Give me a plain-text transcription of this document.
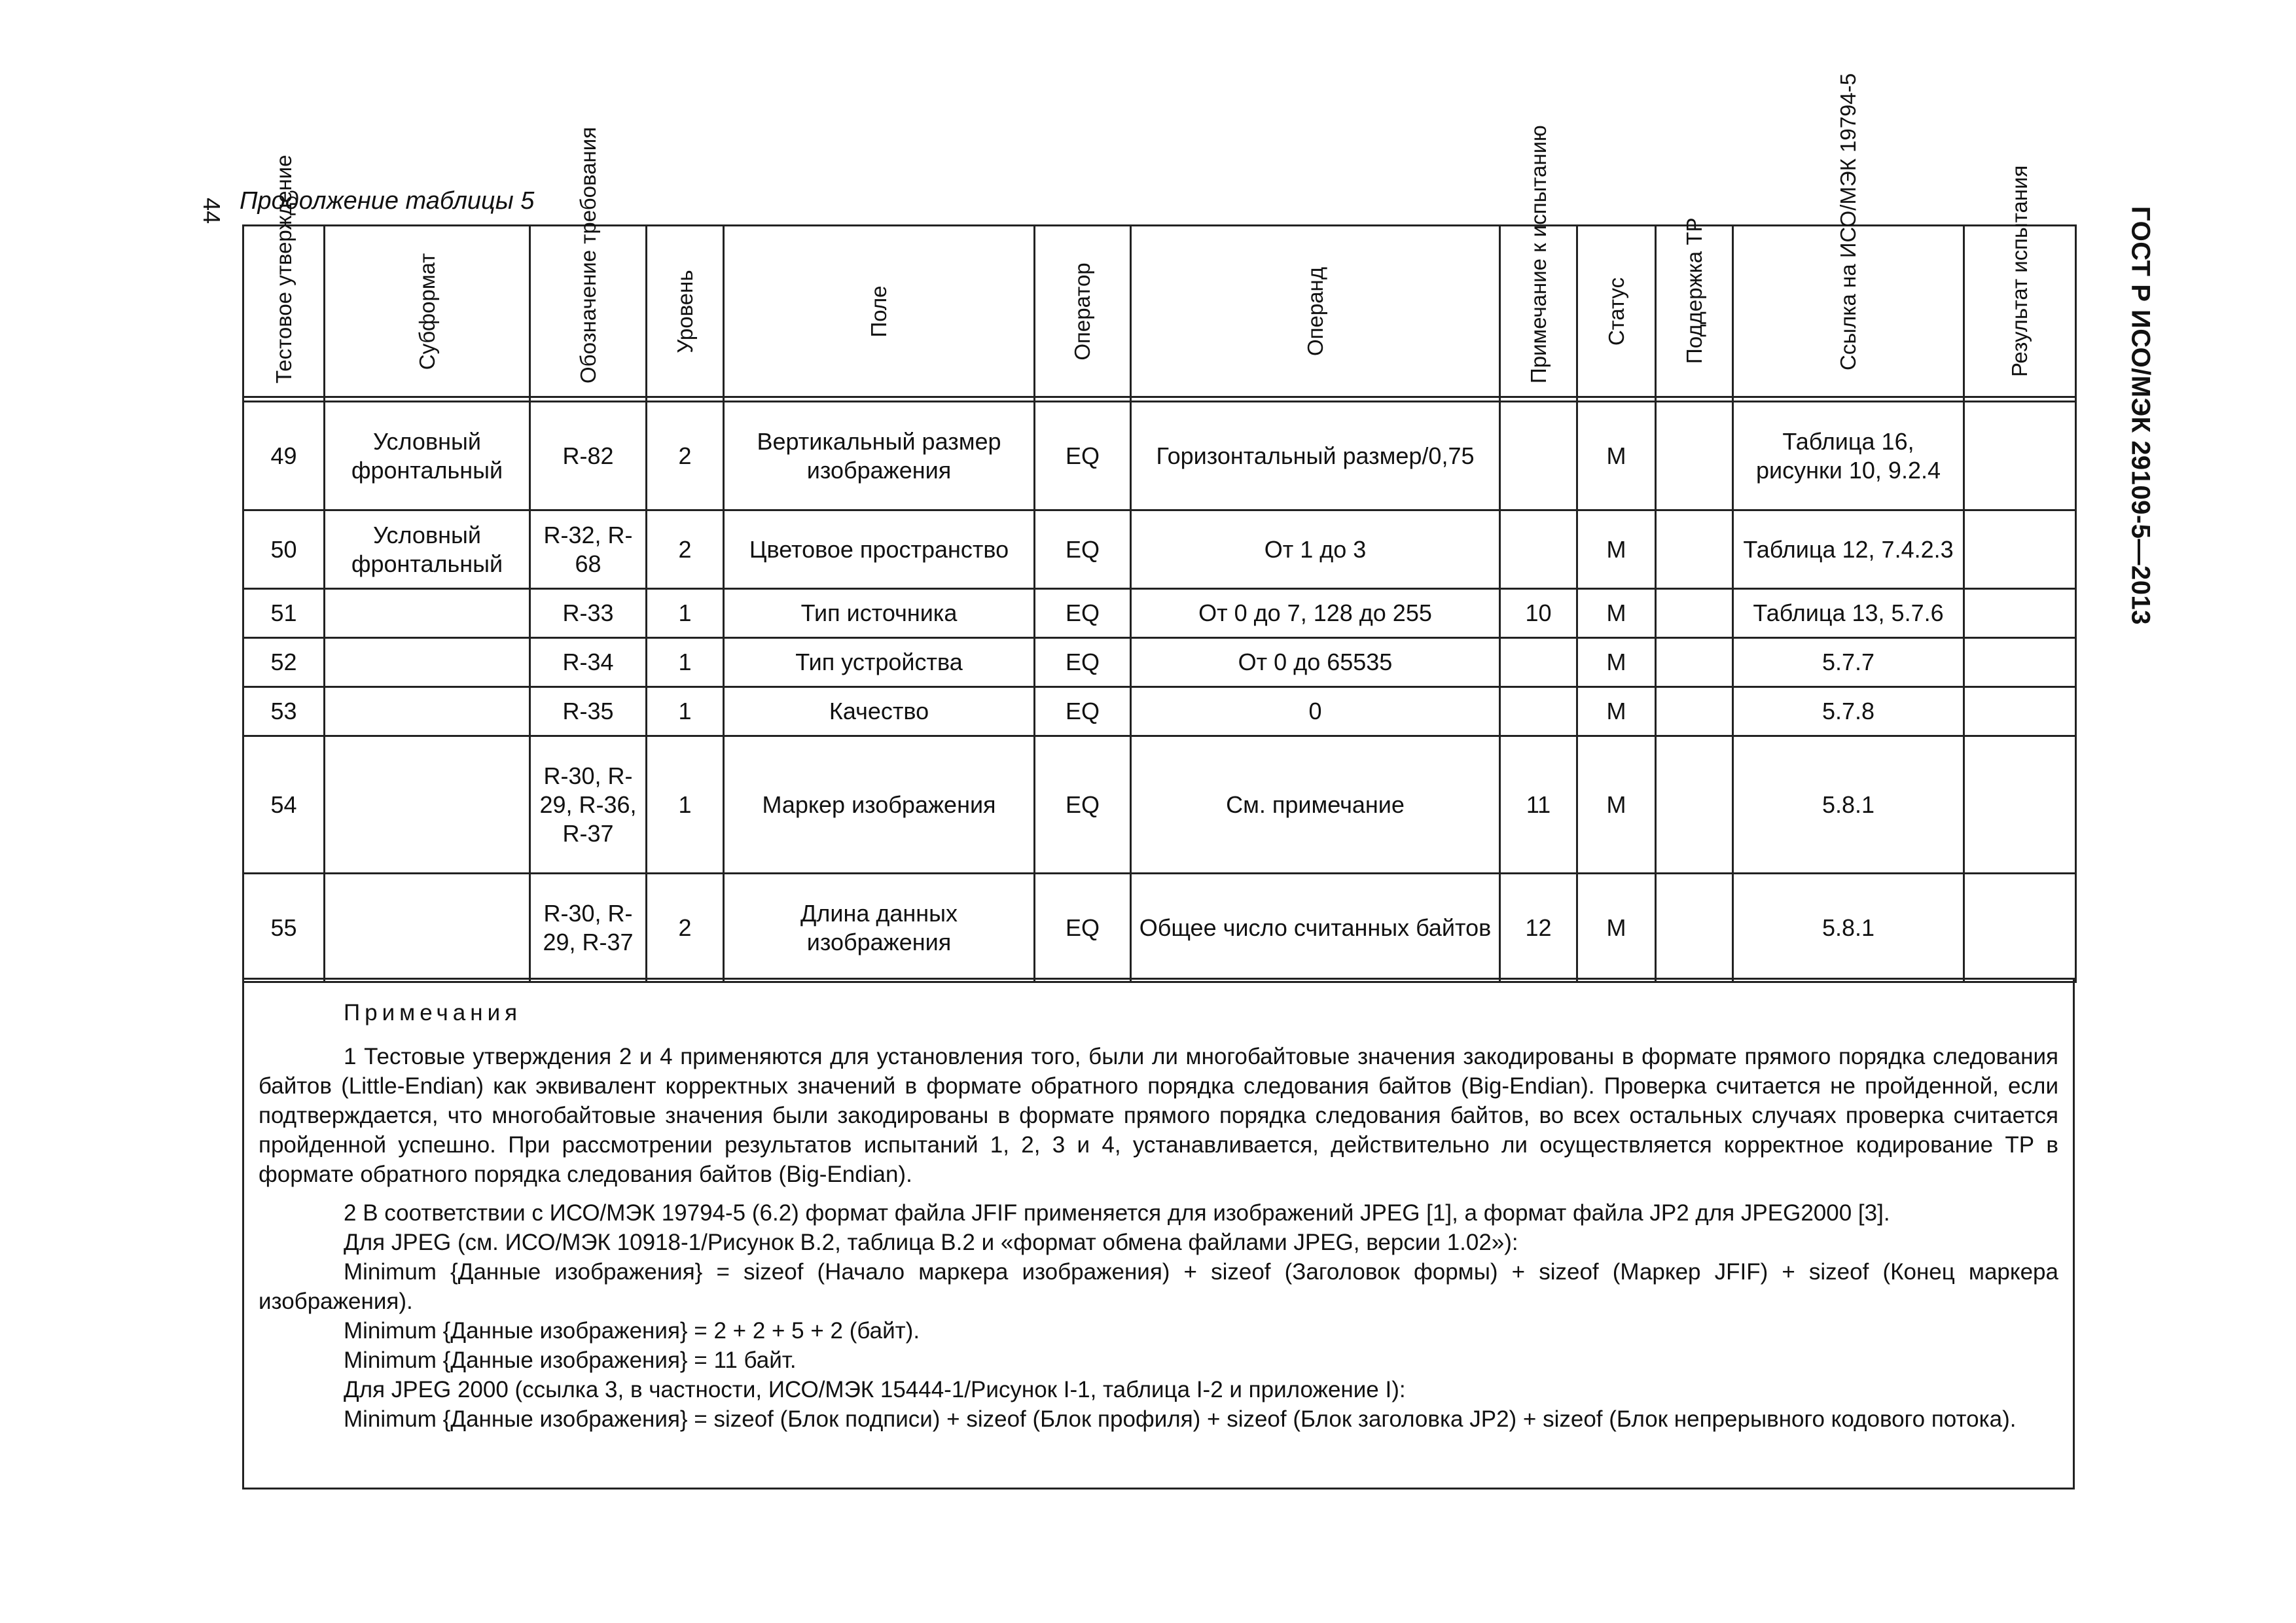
44 Продолжение таблицы 5
ГОСТ Р ИСО/МЭК 29109-5—2013
Тестовое утверждение	Субформат	Обозначение требования	Уровень	Поле	Оператор	Операнд	Примечание к испытанию	Статус	Поддержка ТР	Ссылка на ИСО/МЭК 19794-5	Результат испытания

49	Условный фронтальный	R-82	2	Вертикальный размер изображения	EQ	Горизонтальный размер/0,75		M		Таблица 16, рисунки 10, 9.2.4	
50	Условный фронтальный	R-32, R-68	2	Цветовое пространство	EQ	От 1 до 3		M		Таблица 12, 7.4.2.3	
51		R-33	1	Тип источника	EQ	От 0 до 7, 128 до 255	10	M		Таблица 13, 5.7.6	
52		R-34	1	Тип устройства	EQ	От 0 до 65535		M		5.7.7	
53		R-35	1	Качество	EQ	0		M		5.7.8	
54		R-30, R-29, R-36, R-37	1	Маркер изображения	EQ	См. примечание	11	M		5.8.1	
55		R-30, R-29, R-37	2	Длина данных изображения	EQ	Общее число считанных байтов	12	M		5.8.1	
Примечания

1 Тестовые утверждения 2 и 4 применяются для установления того, были ли многобайтовые значения закодированы в формате прямого порядка следования байтов (Little-Endian) как эквивалент корректных значений в формате обратного порядка следования байтов (Big-Endian). Проверка считается не пройденной, если подтверждается, что многобайтовые значения были закодированы в формате прямого порядка следования байтов, во всех остальных случаях проверка считается пройденной успешно. При рассмотрении результатов испытаний 1, 2, 3 и 4, устанавливается, действительно ли осуществляется корректное кодирование ТР в формате обратного порядка следования байтов (Big-Endian).

2 В соответствии с ИСО/МЭК 19794-5 (6.2) формат файла JFIF применяется для изображений JPEG [1], а формат файла JP2 для JPEG2000 [3].

Для JPEG (см. ИСО/МЭК 10918-1/Рисунок В.2, таблица В.2 и «формат обмена файлами JPEG, версии 1.02»):

Minimum {Данные изображения} = sizeof (Начало маркера изображения) + sizeof (Заголовок формы) + sizeof (Маркер JFIF) + sizeof (Конец маркера изображения).

Minimum {Данные изображения} = 2 + 2 + 5 + 2 (байт).

Minimum {Данные изображения} = 11 байт.

Для JPEG 2000 (ссылка 3, в частности, ИСО/МЭК 15444-1/Рисунок I-1, таблица I-2 и приложение I):

Minimum {Данные изображения} = sizeof (Блок подписи) + sizeof (Блок профиля) + sizeof (Блок заголовка JP2) + sizeof (Блок непрерывного кодового потока).
